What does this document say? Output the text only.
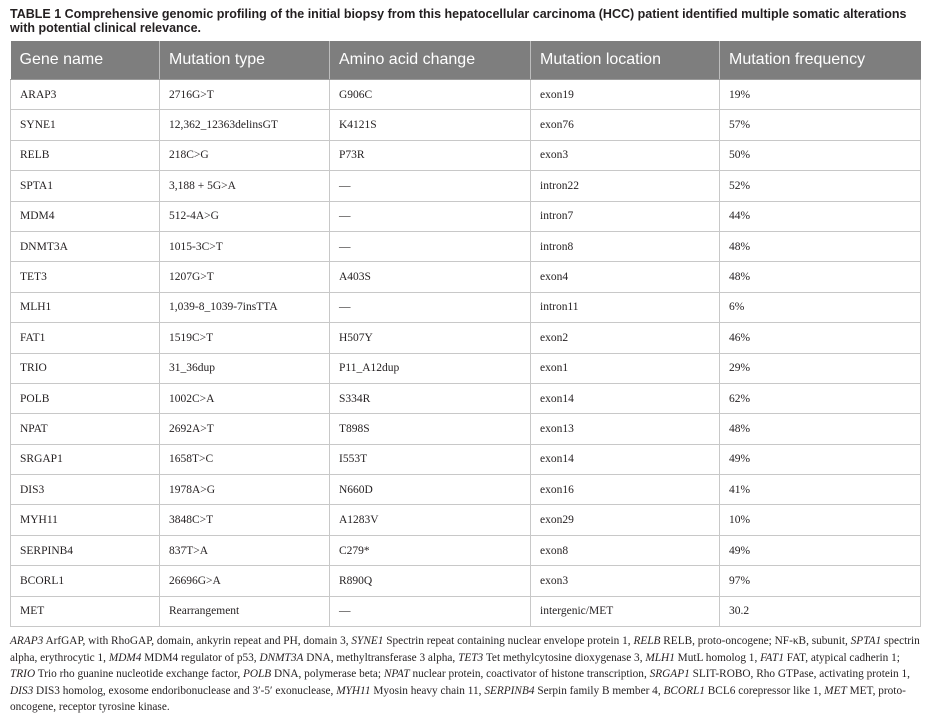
TABLE 1 Comprehensive genomic profiling of the initial biopsy from this hepatocellular carcinoma (HCC) patient identified multiple somatic alterations with potential clinical relevance.
Gene name	Mutation type	Amino acid change	Mutation location	Mutation frequency
ARAP3	2716G>T	G906C	exon19	19%
SYNE1	12,362_12363delinsGT	K4121S	exon76	57%
RELB	218C>G	P73R	exon3	50%
SPTA1	3,188 + 5G>A	—	intron22	52%
MDM4	512-4A>G	—	intron7	44%
DNMT3A	1015-3C>T	—	intron8	48%
TET3	1207G>T	A403S	exon4	48%
MLH1	1,039-8_1039-7insTTA	—	intron11	6%
FAT1	1519C>T	H507Y	exon2	46%
TRIO	31_36dup	P11_A12dup	exon1	29%
POLB	1002C>A	S334R	exon14	62%
NPAT	2692A>T	T898S	exon13	48%
SRGAP1	1658T>C	I553T	exon14	49%
DIS3	1978A>G	N660D	exon16	41%
MYH11	3848C>T	A1283V	exon29	10%
SERPINB4	837T>A	C279*	exon8	49%
BCORL1	26696G>A	R890Q	exon3	97%
MET	Rearrangement	—	intergenic/MET	30.2
ARAP3 ArfGAP, with RhoGAP, domain, ankyrin repeat and PH, domain 3, SYNE1 Spectrin repeat containing nuclear envelope protein 1, RELB RELB, proto-oncogene; NF-κB, subunit, SPTA1 spectrin alpha, erythrocytic 1, MDM4 MDM4 regulator of p53, DNMT3A DNA, methyltransferase 3 alpha, TET3 Tet methylcytosine dioxygenase 3, MLH1 MutL homolog 1, FAT1 FAT, atypical cadherin 1; TRIO Trio rho guanine nucleotide exchange factor, POLB DNA, polymerase beta; NPAT nuclear protein, coactivator of histone transcription, SRGAP1 SLIT-ROBO, Rho GTPase, activating protein 1, DIS3 DIS3 homolog, exosome endoribonuclease and 3′-5′ exonuclease, MYH11 Myosin heavy chain 11, SERPINB4 Serpin family B member 4, BCORL1 BCL6 corepressor like 1, MET MET, proto-oncogene, receptor tyrosine kinase.
